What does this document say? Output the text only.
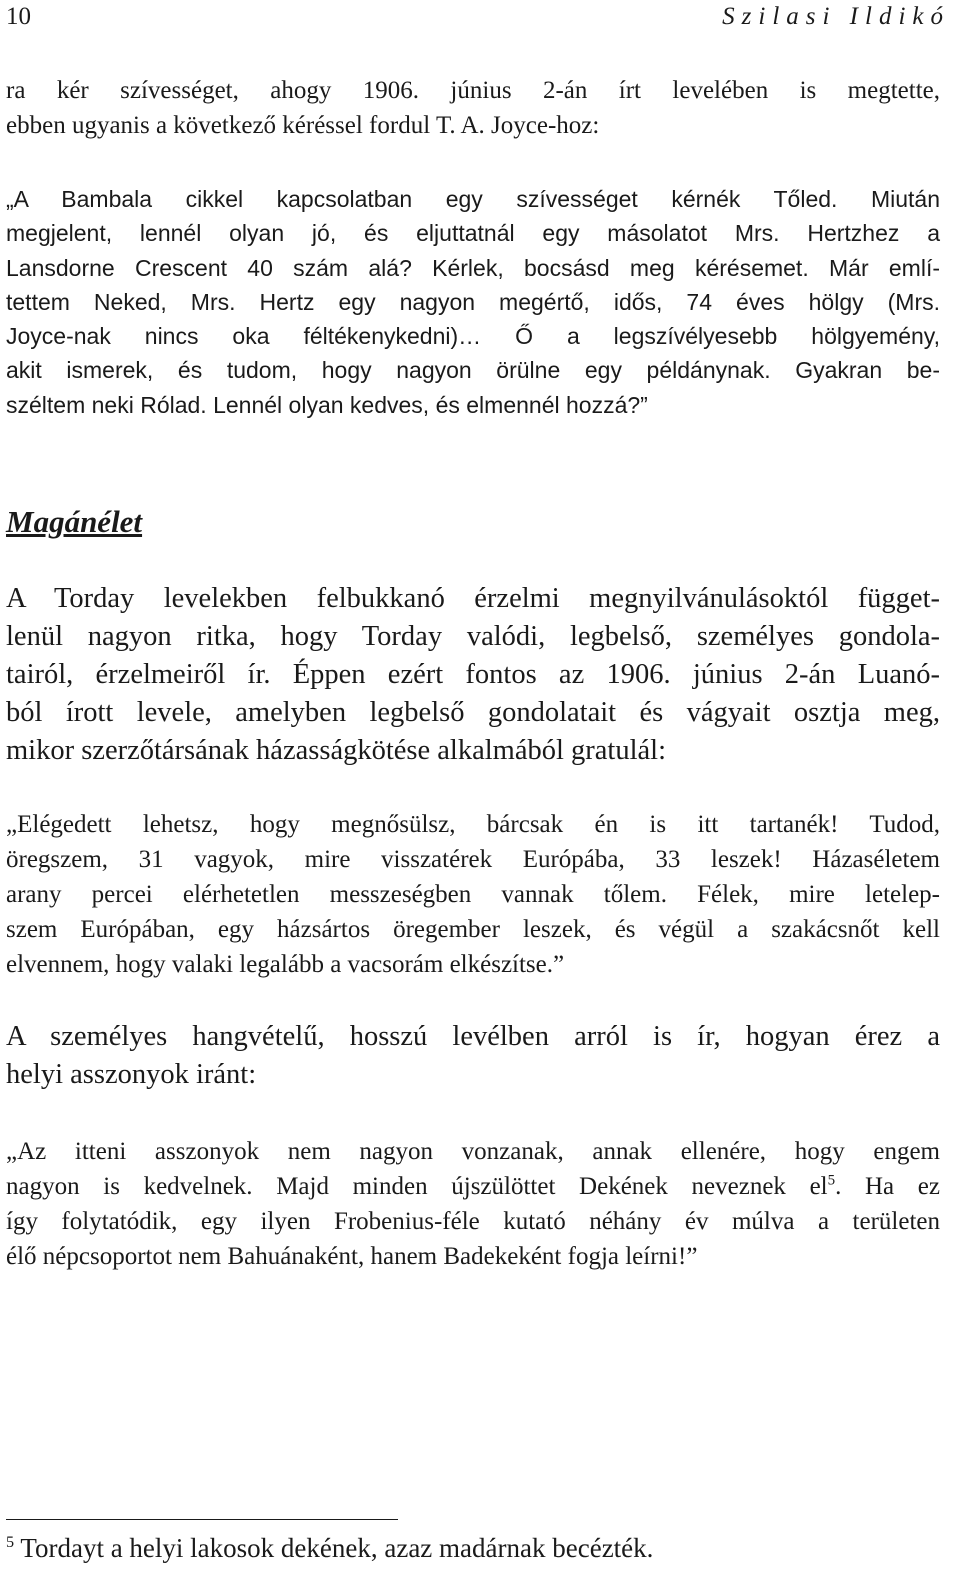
10	Szilasi Ildikó

ra kér szívességet, ahogy 1906. június 2-án írt levelében is megtette,
ebben ugyanis a következő kéréssel fordul T. A. Joyce-hoz:

„A Bambala cikkel kapcsolatban egy szívességet kérnék Tőled. Miután
megjelent, lennél olyan jó, és eljuttatnál egy másolatot Mrs. Hertzhez a
Lansdorne Crescent 40 szám alá? Kérlek, bocsásd meg kérésemet. Már emlí-
tettem Neked, Mrs. Hertz egy nagyon megértő, idős, 74 éves hölgy (Mrs.
Joyce-nak nincs oka féltékenykedni)… Ő a legszívélyesebb hölgyemény,
akit ismerek, és tudom, hogy nagyon örülne egy példánynak. Gyakran be-
széltem neki Rólad. Lennél olyan kedves, és elmennél hozzá?”

Magánélet

A Torday levelekben felbukkanó érzelmi megnyilvánulásoktól függet-
lenül nagyon ritka, hogy Torday valódi, legbelső, személyes gondola-
tairól, érzelmeiről ír. Éppen ezért fontos az 1906. június 2-án Luanó-
ból írott levele, amelyben legbelső gondolatait és vágyait osztja meg,
mikor szerzőtársának házasságkötése alkalmából gratulál:

„Elégedett lehetsz, hogy megnősülsz, bárcsak én is itt tartanék! Tudod,
öregszem, 31 vagyok, mire visszatérek Európába, 33 leszek! Házaséletem
arany percei elérhetetlen messzeségben vannak tőlem. Félek, mire letelep-
szem Európában, egy házsártos öregember leszek, és végül a szakácsnőt kell
elvennem, hogy valaki legalább a vacsorám elkészítse.”

A személyes hangvételű, hosszú levélben arról is ír, hogyan érez a
helyi asszonyok iránt:

„Az itteni asszonyok nem nagyon vonzanak, annak ellenére, hogy engem
nagyon is kedvelnek. Majd minden újszülöttet Dekének neveznek $el^5$. Ha ez
így folytatódik, egy ilyen Frobenius-féle kutató néhány év múlva a területen
élő népcsoportot nem Bahuánaként, hanem Badekeként fogja leírni!”

$^5$ Tordayt a helyi lakosok dekének, azaz madárnak becézték.
